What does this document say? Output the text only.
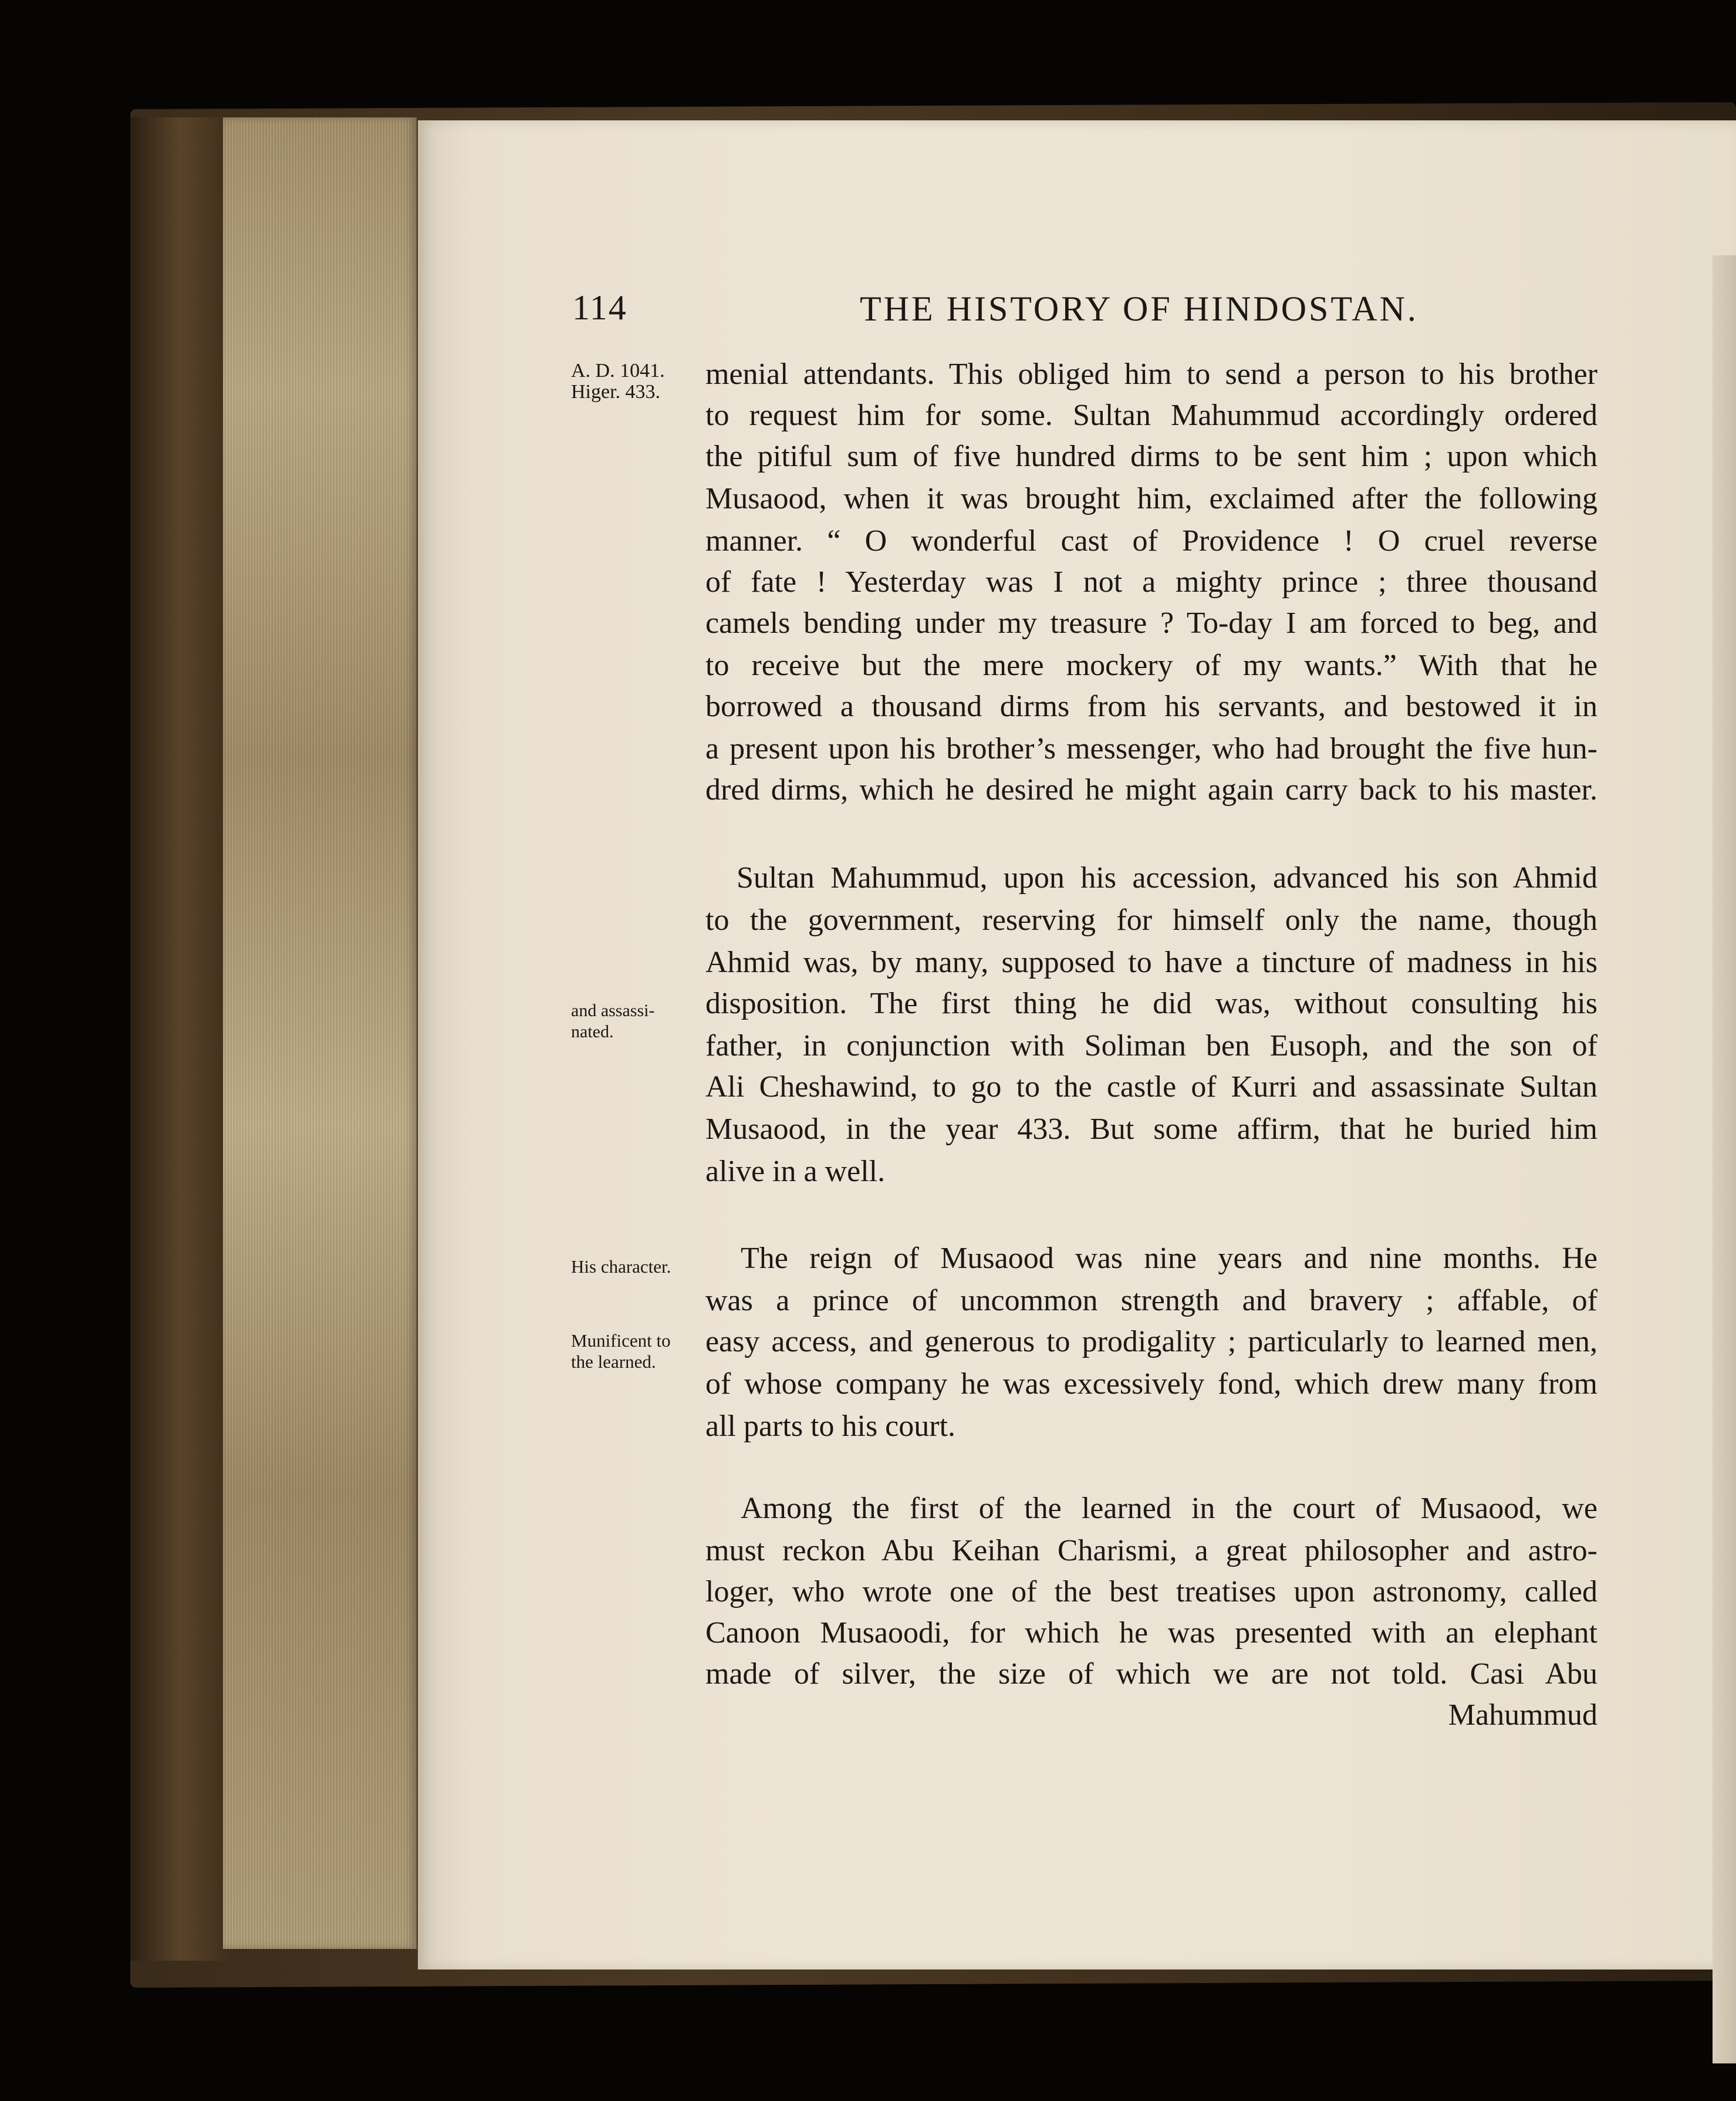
114	THE HISTORY OF HINDOSTAN.
A. D. 1041.
Higer. 433.
and assassi-
nated.
His character.
Munificent to
the learned.
menial attendants. This obliged him to send a person to his brother
to request him for some. Sultan Mahummud accordingly ordered
the pitiful sum of five hundred dirms to be sent him ; upon which
Musaood, when it was brought him, exclaimed after the following
manner. “ O wonderful cast of Providence ! O cruel reverse
of fate ! Yesterday was I not a mighty prince ; three thousand
camels bending under my treasure ? To-day I am forced to beg, and
to receive but the mere mockery of my wants.” With that he
borrowed a thousand dirms from his servants, and bestowed it in
a present upon his brother’s messenger, who had brought the five hun-
dred dirms, which he desired he might again carry back to his master.
Sultan Mahummud, upon his accession, advanced his son Ahmid
to the government, reserving for himself only the name, though
Ahmid was, by many, supposed to have a tincture of madness in his
disposition. The first thing he did was, without consulting his
father, in conjunction with Soliman ben Eusoph, and the son of
Ali Cheshawind, to go to the castle of Kurri and assassinate Sultan
Musaood, in the year 433. But some affirm, that he buried him
alive in a well.
The reign of Musaood was nine years and nine months. He
was a prince of uncommon strength and bravery ; affable, of
easy access, and generous to prodigality ; particularly to learned men,
of whose company he was excessively fond, which drew many from
all parts to his court.
Among the first of the learned in the court of Musaood, we
must reckon Abu Keihan Charismi, a great philosopher and astro-
loger, who wrote one of the best treatises upon astronomy, called
Canoon Musaoodi, for which he was presented with an elephant
made of silver, the size of which we are not told. Casi Abu
Mahummud
